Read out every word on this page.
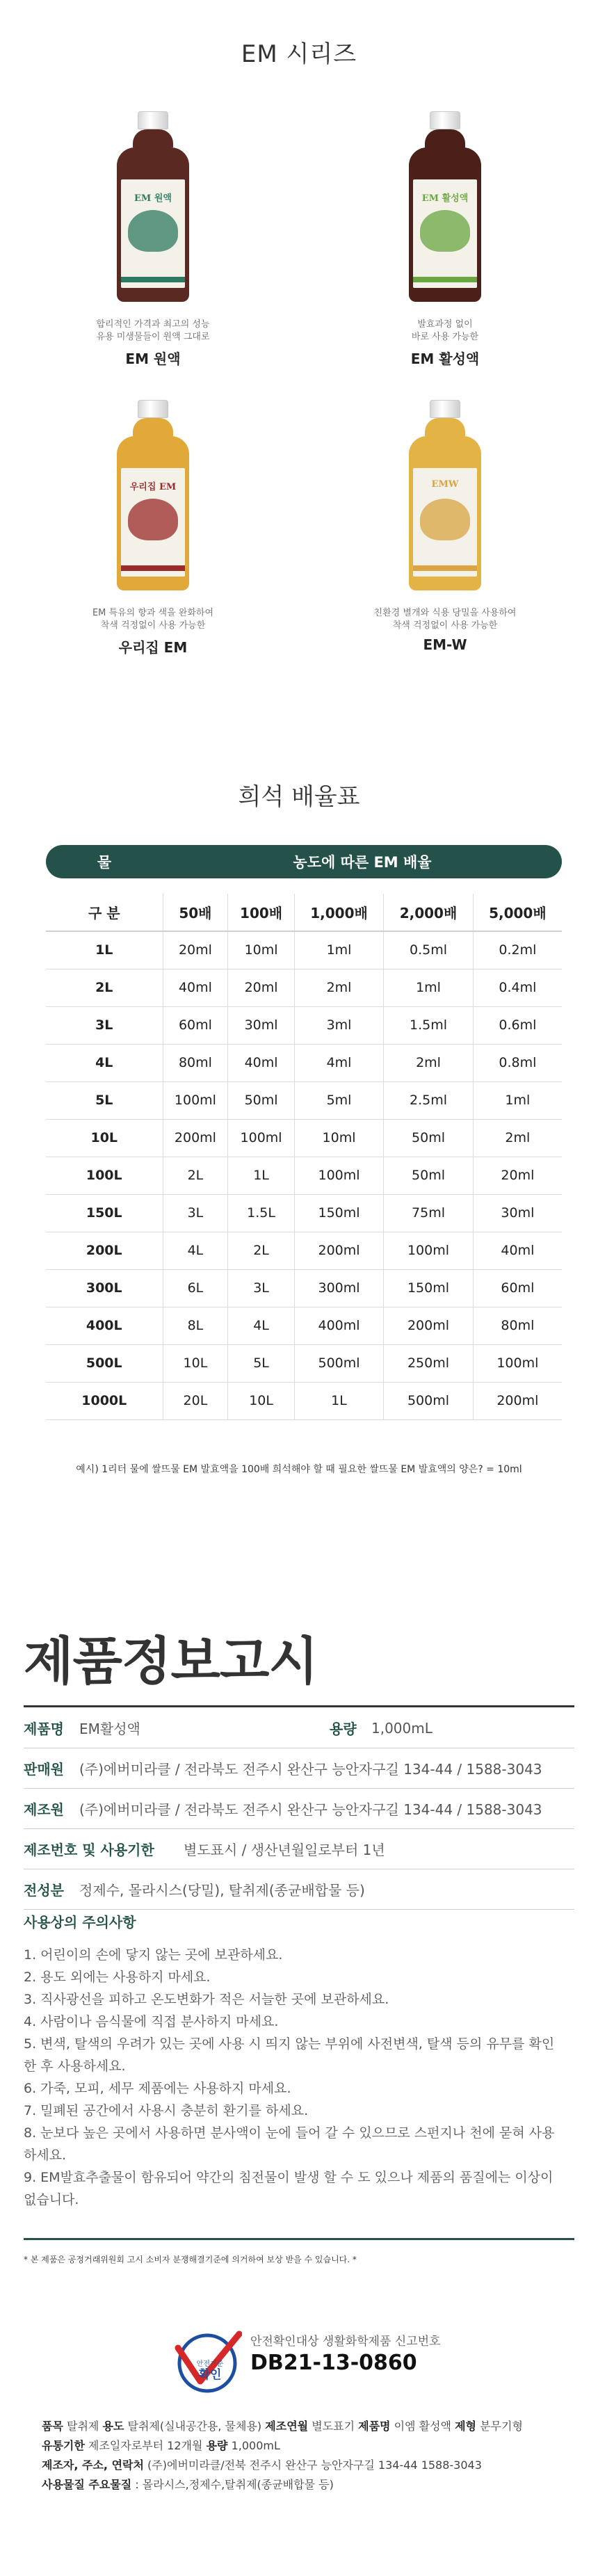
EM 시리즈
EM 원액
합리적인 가격과 최고의 성능
유용 미생물들이 원액 그대로
EM 원액
EM 활성액
발효과정 없이
바로 사용 가능한
EM 활성액
우리집 EM
EM 특유의 향과 색을 완화하여
착색 걱정없이 사용 가능한
우리집 EM
EMW
친환경 별개와 식용 당밀을 사용하여
착색 걱정없이 사용 가능한
EM-W
희석 배율표
물	농도에 따른 EM 배율
구 분	50배	100배	1,000배	2,000배	5,000배
1L	20ml	10ml	1ml	0.5ml	0.2ml
2L	40ml	20ml	2ml	1ml	0.4ml
3L	60ml	30ml	3ml	1.5ml	0.6ml
4L	80ml	40ml	4ml	2ml	0.8ml
5L	100ml	50ml	5ml	2.5ml	1ml
10L	200ml	100ml	10ml	50ml	2ml
100L	2L	1L	100ml	50ml	20ml
150L	3L	1.5L	150ml	75ml	30ml
200L	4L	2L	200ml	100ml	40ml
300L	6L	3L	300ml	150ml	60ml
400L	8L	4L	400ml	200ml	80ml
500L	10L	5L	500ml	250ml	100ml
1000L	20L	10L	1L	500ml	200ml
예시) 1리터 물에 쌀뜨물 EM 발효액을 100배 희석해야 할 때 필요한 쌀뜨물 EM 발효액의 양은? = 10ml
제품정보고시
제품명	EM활성액	용량	1,000mL
판매원	(주)에버미라클 / 전라북도 전주시 완산구 능안자구길 134-44 / 1588-3043
제조원	(주)에버미라클 / 전라북도 전주시 완산구 능안자구길 134-44 / 1588-3043
제조번호 및 사용기한	별도표시 / 생산년월일로부터 1년
전성분	정제수, 몰라시스(당밀), 탈취제(종균배합물 등)
사용상의 주의사항
1. 어린이의 손에 닿지 않는 곳에 보관하세요.
2. 용도 외에는 사용하지 마세요.
3. 직사광선을 피하고 온도변화가 적은 서늘한 곳에 보관하세요.
4. 사람이나 음식물에 직접 분사하지 마세요.
5. 변색, 탈색의 우려가 있는 곳에 사용 시 띄지 않는 부위에 사전변색, 탈색 등의 유무를 확인
한 후 사용하세요.
6. 가죽, 모피, 세무 제품에는 사용하지 마세요.
7. 밀폐된 공간에서 사용시 충분히 환기를 하세요.
8. 눈보다 높은 곳에서 사용하면 분사액이 눈에 들어 갈 수 있으므로 스펀지나 천에 묻혀 사용
하세요.
9. EM발효추출물이 함유되어 약간의 침전물이 발생 할 수 도 있으나 제품의 품질에는 이상이
없습니다.
* 본 제품은 공정거래위원회 고시 소비자 분쟁해결기준에 의거하여 보상 받을 수 있습니다. *
안전기준
확인
안전확인대상 생활화학제품 신고번호
DB21-13-0860
품목 탈취제 용도 탈취제(실내공간용, 물체용) 제조연월 별도표기 제품명 이엠 활성액 제형 분무기형
유통기한 제조일자로부터 12개월 용량 1,000mL
제조자, 주소, 연락처 (주)에버미라클/전북 전주시 완산구 능안자구길 134-44 1588-3043
사용물질 주요물질 : 몰라시스,정제수,탈취제(종균배합물 등)
